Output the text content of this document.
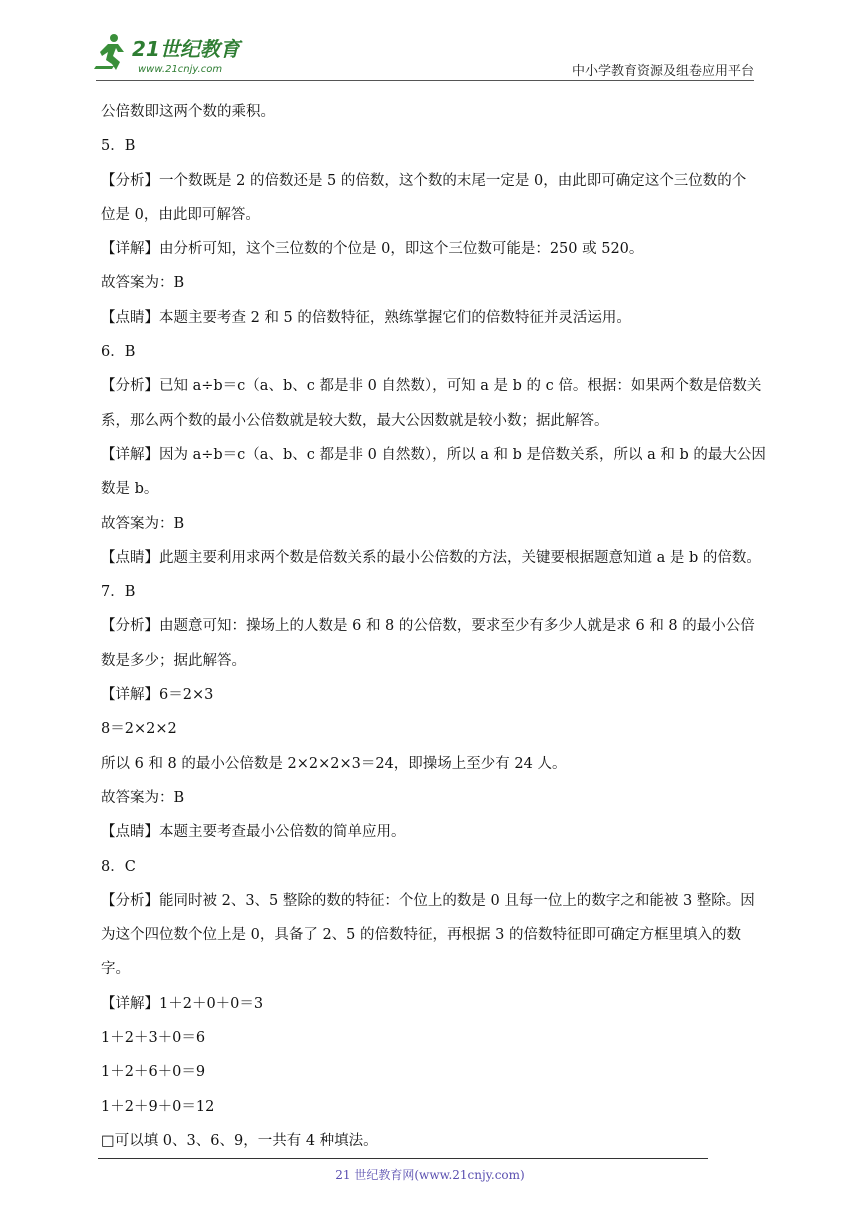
21世纪教育
www.21cnjy.com	中小学教育资源及组卷应用平台
公倍数即这两个数的乘积。
5．B
【分析】一个数既是 2 的倍数还是 5 的倍数，这个数的末尾一定是 0，由此即可确定这个三位数的个
位是 0，由此即可解答。
【详解】由分析可知，这个三位数的个位是 0，即这个三位数可能是：250 或 520。
故答案为：B
【点睛】本题主要考查 2 和 5 的倍数特征，熟练掌握它们的倍数特征并灵活运用。
6．B
【分析】已知 a÷b＝c（a、b、c 都是非 0 自然数），可知 a 是 b 的 c 倍。根据：如果两个数是倍数关
系，那么两个数的最小公倍数就是较大数，最大公因数就是较小数；据此解答。
【详解】因为 a÷b＝c（a、b、c 都是非 0 自然数），所以 a 和 b 是倍数关系，所以 a 和 b 的最大公因
数是 b。
故答案为：B
【点睛】此题主要利用求两个数是倍数关系的最小公倍数的方法，关键要根据题意知道 a 是 b 的倍数。
7．B
【分析】由题意可知：操场上的人数是 6 和 8 的公倍数，要求至少有多少人就是求 6 和 8 的最小公倍
数是多少；据此解答。
【详解】6＝2×3
8＝2×2×2
所以 6 和 8 的最小公倍数是 2×2×2×3＝24，即操场上至少有 24 人。
故答案为：B
【点睛】本题主要考查最小公倍数的简单应用。
8．C
【分析】能同时被 2、3、5 整除的数的特征：个位上的数是 0 且每一位上的数字之和能被 3 整除。因
为这个四位数个位上是 0，具备了 2、5 的倍数特征，再根据 3 的倍数特征即可确定方框里填入的数
字。
【详解】1＋2＋0＋0＝3
1＋2＋3＋0＝6
1＋2＋6＋0＝9
1＋2＋9＋0＝12
□可以填 0、3、6、9，一共有 4 种填法。
21 世纪教育网(www.21cnjy.com)
